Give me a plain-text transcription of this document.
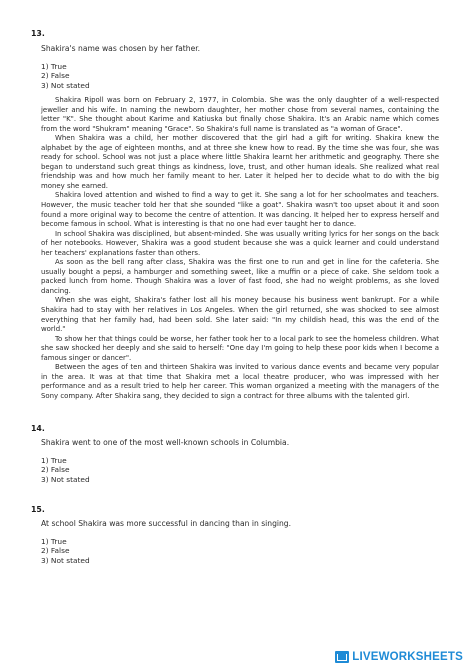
13.
Shakira's name was chosen by her father.
1) True
2) False
3) Not stated

Shakira Ripoll was born on February 2, 1977, in Colombia. She was the only daughter of a well-respected jeweller and his wife. In naming the newborn daughter, her mother chose from several names, containing the letter "K". She thought about Karime and Katiuska but finally chose Shakira. It's an Arabic name which comes from the word "Shukram" meaning "Grace". So Shakira's full name is translated as "a woman of Grace".

When Shakira was a child, her mother discovered that the girl had a gift for writing. Shakira knew the alphabet by the age of eighteen months, and at three she knew how to read. By the time she was four, she was ready for school. School was not just a place where little Shakira learnt her arithmetic and geography. There she began to understand such great things as kindness, love, trust, and other human ideals. She realized what real friendship was and how much her family meant to her. Later it helped her to decide what to do with the big money she earned.

Shakira loved attention and wished to find a way to get it. She sang a lot for her schoolmates and teachers. However, the music teacher told her that she sounded "like a goat". Shakira wasn't too upset about it and soon found a more original way to become the centre of attention. It was dancing. It helped her to express herself and become famous in school. What is interesting is that no one had ever taught her to dance.

In school Shakira was disciplined, but absent-minded. She was usually writing lyrics for her songs on the back of her notebooks. However, Shakira was a good student because she was a quick learner and could understand her teachers' explanations faster than others.

As soon as the bell rang after class, Shakira was the first one to run and get in line for the cafeteria. She usually bought a pepsi, a hamburger and something sweet, like a muffin or a piece of cake. She seldom took a packed lunch from home. Though Shakira was a lover of fast food, she had no weight problems, as she loved dancing.

When she was eight, Shakira's father lost all his money because his business went bankrupt. For a while Shakira had to stay with her relatives in Los Angeles. When the girl returned, she was shocked to see almost everything that her family had, had been sold. She later said: "In my childish head, this was the end of the world."

To show her that things could be worse, her father took her to a local park to see the homeless children. What she saw shocked her deeply and she said to herself: "One day I'm going to help these poor kids when I become a famous singer or dancer".

Between the ages of ten and thirteen Shakira was invited to various dance events and became very popular in the area. It was at that time that Shakira met a local theatre producer, who was impressed with her performance and as a result tried to help her career. This woman organized a meeting with the managers of the Sony company. After Shakira sang, they decided to sign a contract for three albums with the talented girl.

14.
Shakira went to one of the most well-known schools in Columbia.
1) True
2) False
3) Not stated
15.
At school Shakira was more successful in dancing than in singing.
1) True
2) False
3) Not stated
LIVEWORKSHEETS
